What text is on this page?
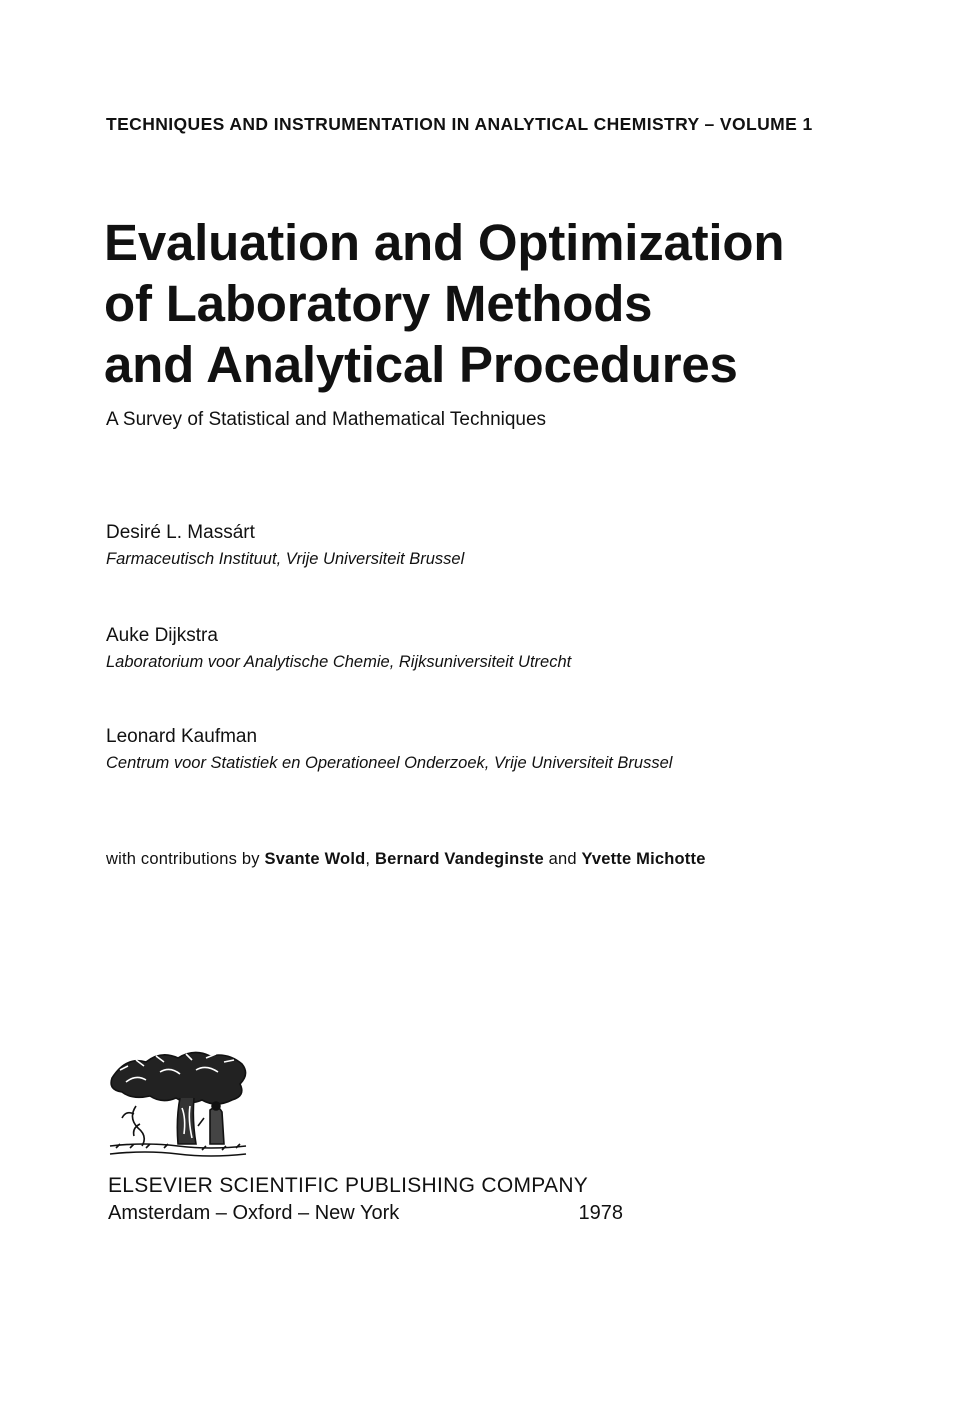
TECHNIQUES AND INSTRUMENTATION IN ANALYTICAL CHEMISTRY – VOLUME 1
Evaluation and Optimization
of Laboratory Methods
and Analytical Procedures
A Survey of Statistical and Mathematical Techniques
Desiré L. Massárt
Farmaceutisch Instituut, Vrije Universiteit Brussel
Auke Dijkstra
Laboratorium voor Analytische Chemie, Rijksuniversiteit Utrecht
Leonard Kaufman
Centrum voor Statistiek en Operationeel Onderzoek, Vrije Universiteit Brussel
with contributions by Svante Wold, Bernard Vandeginste and Yvette Michotte
ELSEVIER SCIENTIFIC PUBLISHING COMPANY
Amsterdam – Oxford – New York	1978
